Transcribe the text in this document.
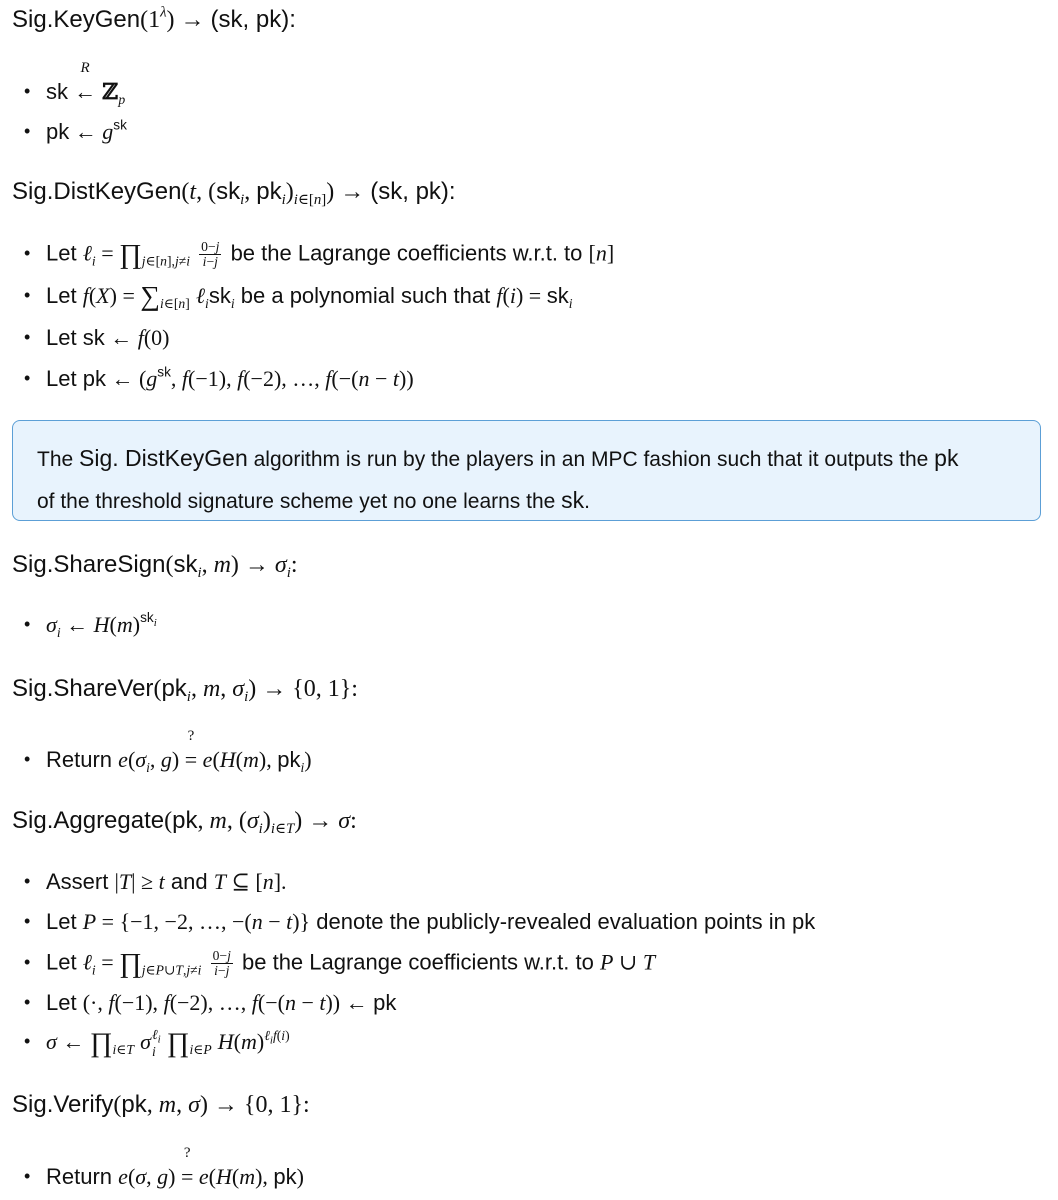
$Sig.KeyGen(1^\lambda) \to (sk$, pk):
• sk ←
R
ℤ$_p$
• pk ← $g^{sk}$
Sig.DistKeyGen(t, ($sk_i$, $pk_i)_{i\in[n]}) \to (sk$, pk):
• Let ℓ$_i$ = $\prod_{j\in[n],j\ne i} \frac{0-j}{i-j}$ be the Lagrange coefficients w.r.t. to [n]
• Let $f(X) = \sum_{i\in[n]}$ $\ell_isk_i$ be a polynomial such that $f(i) = sk_i$
• Let sk ← f(0)
• Let pk ← ($g^{sk}$, f(−1), f(−2), …, f(−(n − t))
The Sig. DistKeyGen algorithm is run by the players in an MPC fashion such that it outputs the pk
of the threshold signature scheme yet no one learns the sk.
$Sig.ShareSign(sk_i$, $m) \to \sigma_i$:
• $\sigma_i$ ← $H(m)^{sk_i}$
$Sig.ShareVer(pk_i$, m, $\sigma_i) \to \{0$, 1}:
• Return $e(\sigma_i$, g) =
?
e(H(m), $pk_i$)
Sig.Aggregate(pk, m, $(\sigma_i)_{i\in T}) \to \sigma$:
• Assert |T| ≥ t and T ⊆ [n].
• Let P = {−1, −2, …, −(n − t)} denote the publicly-revealed evaluation points in pk
• Let ℓ$_i$ = $\prod_{j\in P\cup T,j\ne i} \frac{0-j}{i-j}$ be the Lagrange coefficients w.r.t. to P ∪ T
• Let (·, f(−1), f(−2), …, f(−(n − t)) ← pk
• σ ← $\prod_{i\in T}$ σ ℓ$_i$
i $\prod_{i\in P}$ $H(m)^{\ell_if(i)}$
Sig.Verify(pk, m, σ) → {0, 1}:
• Return e(σ, g) =
?
e(H(m), pk)
